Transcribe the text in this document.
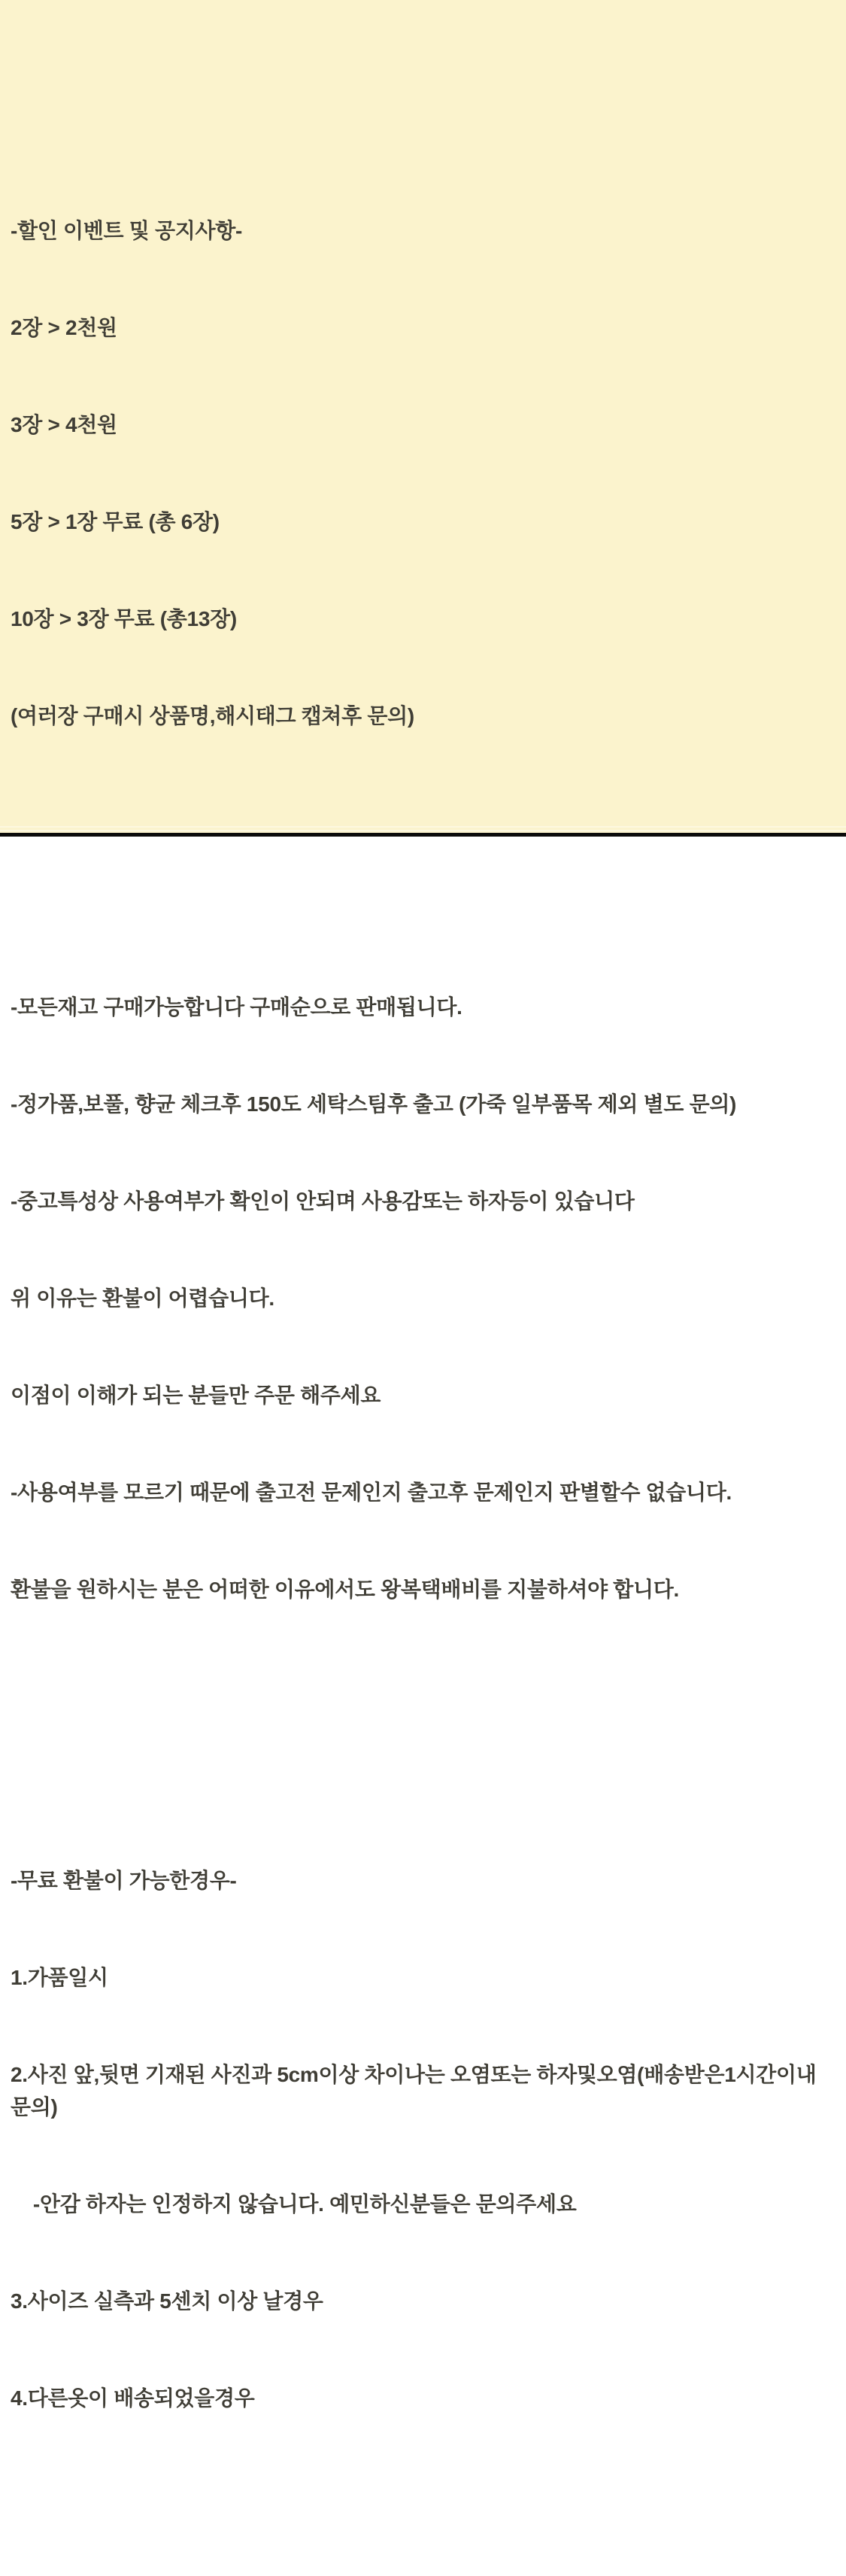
-할인 이벤트 및 공지사항-

2장 > 2천원

3장 > 4천원

5장 > 1장 무료 (총 6장)

10장 > 3장 무료 (총13장)

(여러장 구매시 상품명,해시태그 캡쳐후 문의)

-모든재고 구매가능합니다 구매순으로 판매됩니다.

-정가품,보풀, 향균 체크후 150도 세탁스팀후 출고 (가죽 일부품목 제외 별도 문의)

-중고특성상 사용여부가 확인이 안되며 사용감또는 하자등이 있습니다

위 이유는 환불이 어렵습니다.

이점이 이해가 되는 분들만 주문 해주세요

-사용여부를 모르기 때문에 출고전 문제인지 출고후 문제인지 판별할수 없습니다.

환불을 원하시는 분은 어떠한 이유에서도 왕복택배비를 지불하셔야 합니다.

-무료 환불이 가능한경우-

1.가품일시

2.사진 앞,뒷면 기재된 사진과 5cm이상 차이나는 오염또는 하자및오염(배송받은1시간이내 문의)

-안감 하자는 인정하지 않습니다. 예민하신분들은 문의주세요

3.사이즈 실측과 5센치 이상 날경우

4.다른옷이 배송되었을경우
